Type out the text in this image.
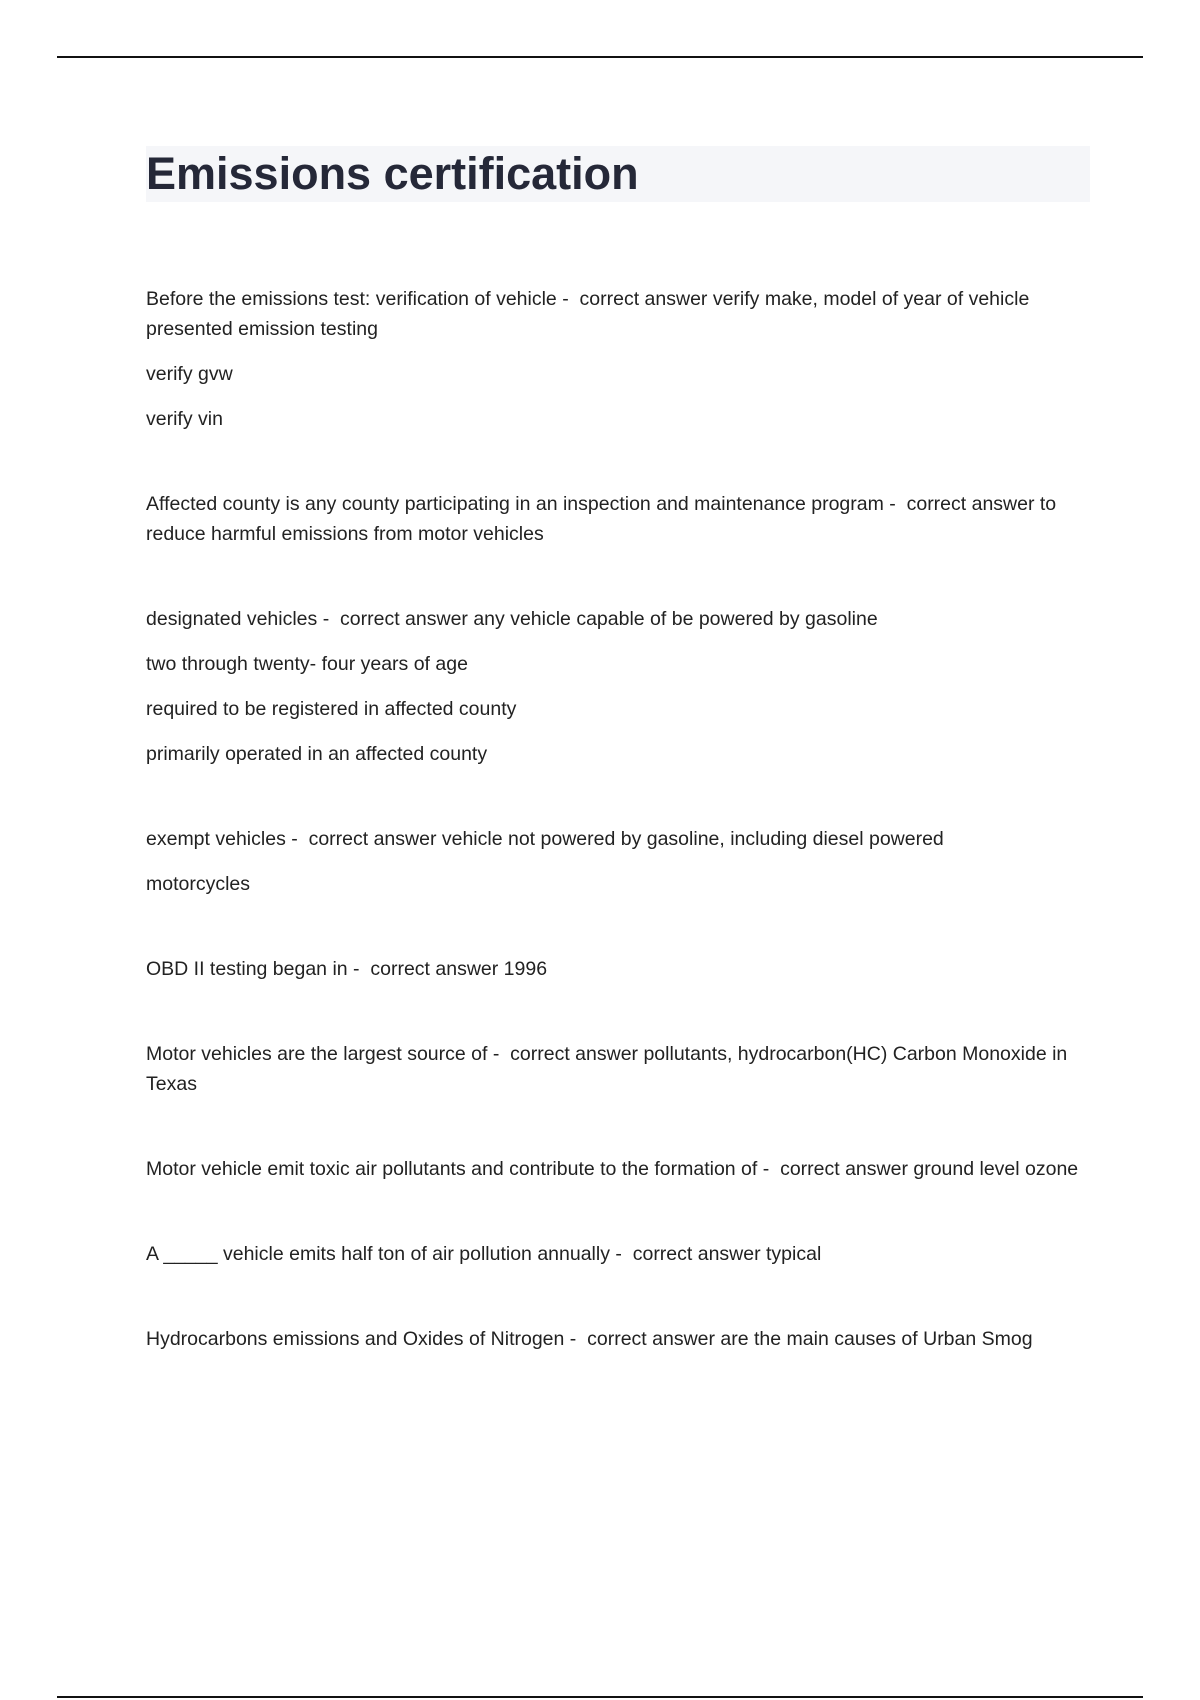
Emissions certification

Before the emissions test: verification of vehicle -  correct answer verify make, model of year of vehicle presented emission testing

verify gvw

verify vin

Affected county is any county participating in an inspection and maintenance program -  correct answer to reduce harmful emissions from motor vehicles

designated vehicles -  correct answer any vehicle capable of be powered by gasoline

two through twenty- four years of age

required to be registered in affected county

primarily operated in an affected county

exempt vehicles -  correct answer vehicle not powered by gasoline, including diesel powered

motorcycles

OBD II testing began in -  correct answer 1996

Motor vehicles are the largest source of -  correct answer pollutants, hydrocarbon(HC) Carbon Monoxide in Texas

Motor vehicle emit toxic air pollutants and contribute to the formation of -  correct answer ground level ozone

A _____ vehicle emits half ton of air pollution annually -  correct answer typical

Hydrocarbons emissions and Oxides of Nitrogen -  correct answer are the main causes of Urban Smog
